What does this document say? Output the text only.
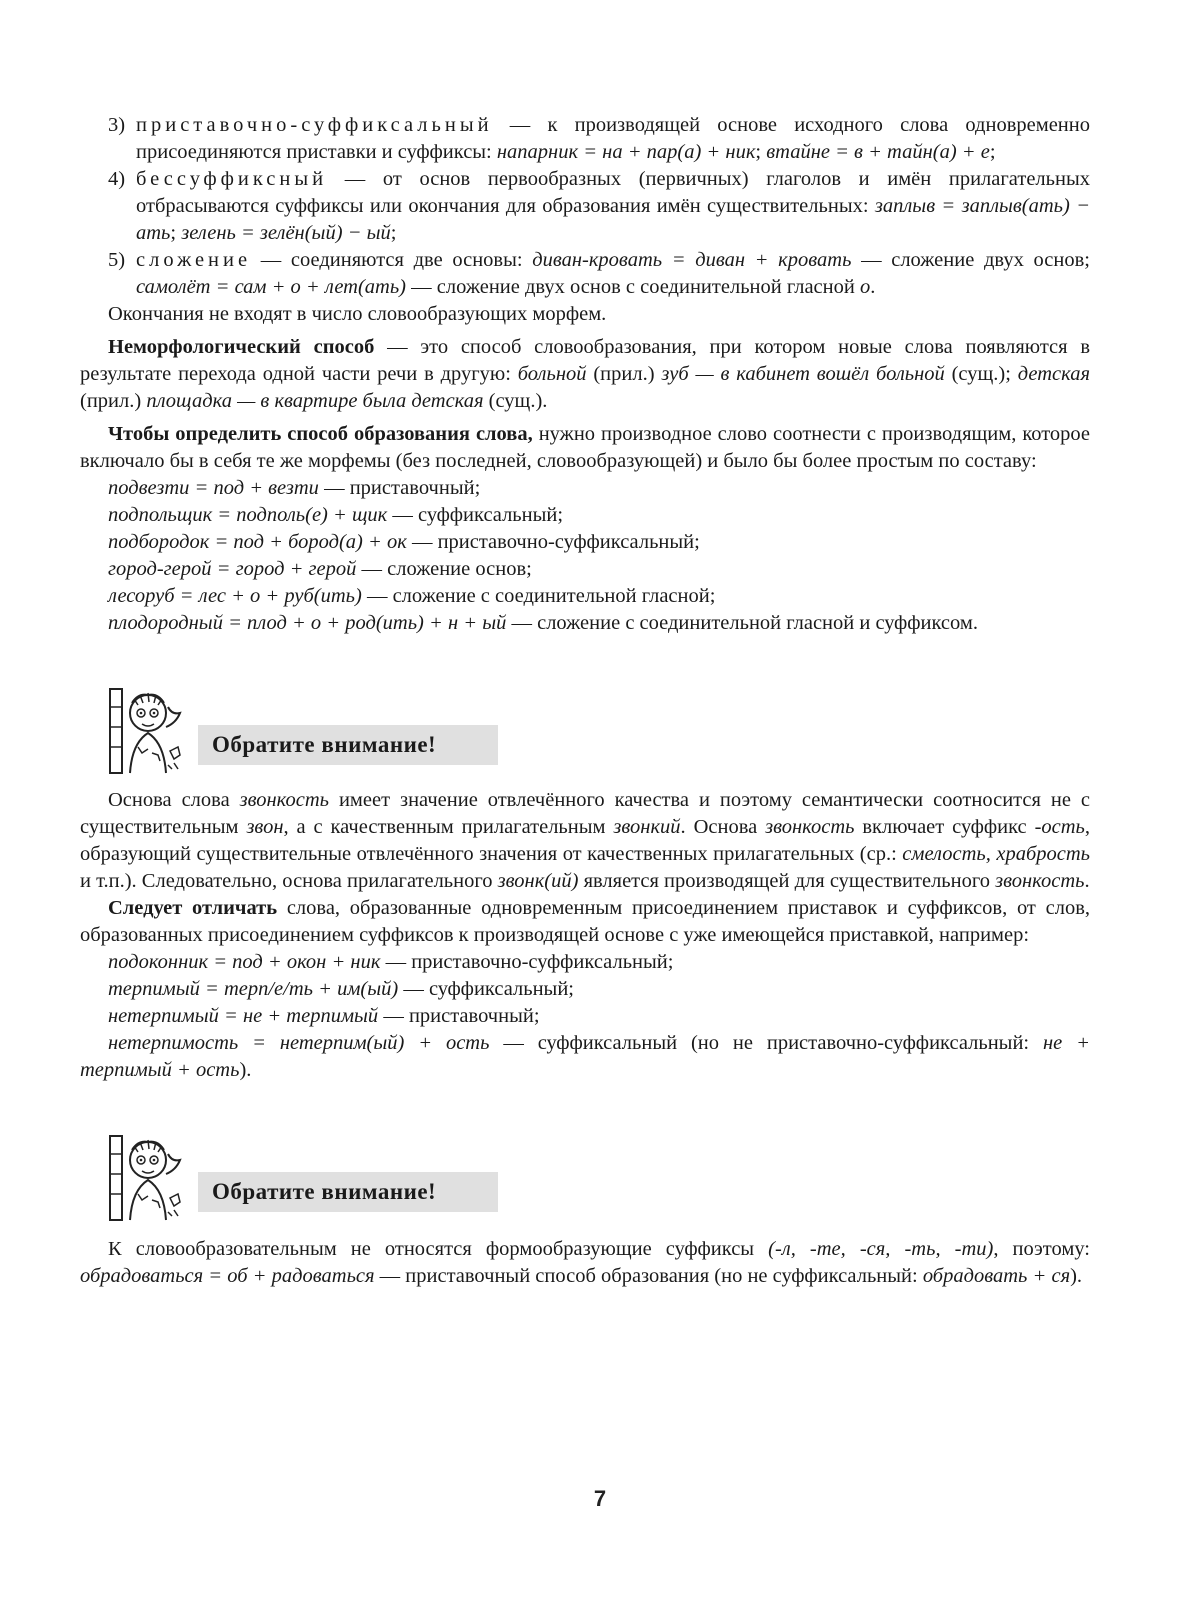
3) приставочно-суффиксальный — к производящей основе исходного слова одновременно присоединяются приставки и суффиксы: напарник = на + пар(а) + ник; втайне = в + тайн(а) + е;

4) бессуффиксный — от основ первообразных (первичных) глаголов и имён прилагательных отбрасываются суффиксы или окончания для образования имён существительных: заплыв = заплыв(ать) − ать; зелень = зелён(ый) − ый;

5) сложение — соединяются две основы: диван-кровать = диван + кровать — сложение двух основ; самолёт = сам + о + лет(ать) — сложение двух основ с соединительной гласной о.

Окончания не входят в число словообразующих морфем.

Неморфологический способ — это способ словообразования, при котором новые слова появляются в результате перехода одной части речи в другую: больной (прил.) зуб — в кабинет вошёл больной (сущ.); детская (прил.) площадка — в квартире была детская (сущ.).

Чтобы определить способ образования слова, нужно производное слово соотнести с производящим, которое включало бы в себя те же морфемы (без последней, словообразующей) и было бы более простым по составу:

подвезти = под + везти — приставочный;

подпольщик = подполь(е) + щик — суффиксальный;

подбородок = под + бород(а) + ок — приставочно-суффиксальный;

город-герой = город + герой — сложение основ;

лесоруб = лес + о + руб(ить) — сложение с соединительной гласной;

плодородный = плод + о + род(ить) + н + ый — сложение с соединительной гласной и суффиксом.

Обратите внимание!

Основа слова звонкость имеет значение отвлечённого качества и поэтому семантически соотносится не с существительным звон, а с качественным прилагательным звонкий. Основа звонкость включает суффикс -ость, образующий существительные отвлечённого значения от качественных прилагательных (ср.: смелость, храбрость и т.п.). Следовательно, основа прилагательного звонк(ий) является производящей для существительного звонкость.

Следует отличать слова, образованные одновременным присоединением приставок и суффиксов, от слов, образованных присоединением суффиксов к производящей основе с уже имеющейся приставкой, например:

подоконник = под + окон + ник — приставочно-суффиксальный;

терпимый = терп/е/ть + им(ый) — суффиксальный;

нетерпимый = не + терпимый — приставочный;

нетерпимость = нетерпим(ый) + ость — суффиксальный (но не приставочно-суффиксальный: не + терпимый + ость).

Обратите внимание!

К словообразовательным не относятся формообразующие суффиксы (-л, -те, -ся, -ть, -ти), поэтому: обрадоваться = об + радоваться — приставочный способ образования (но не суффиксальный: обрадовать + ся).

7
